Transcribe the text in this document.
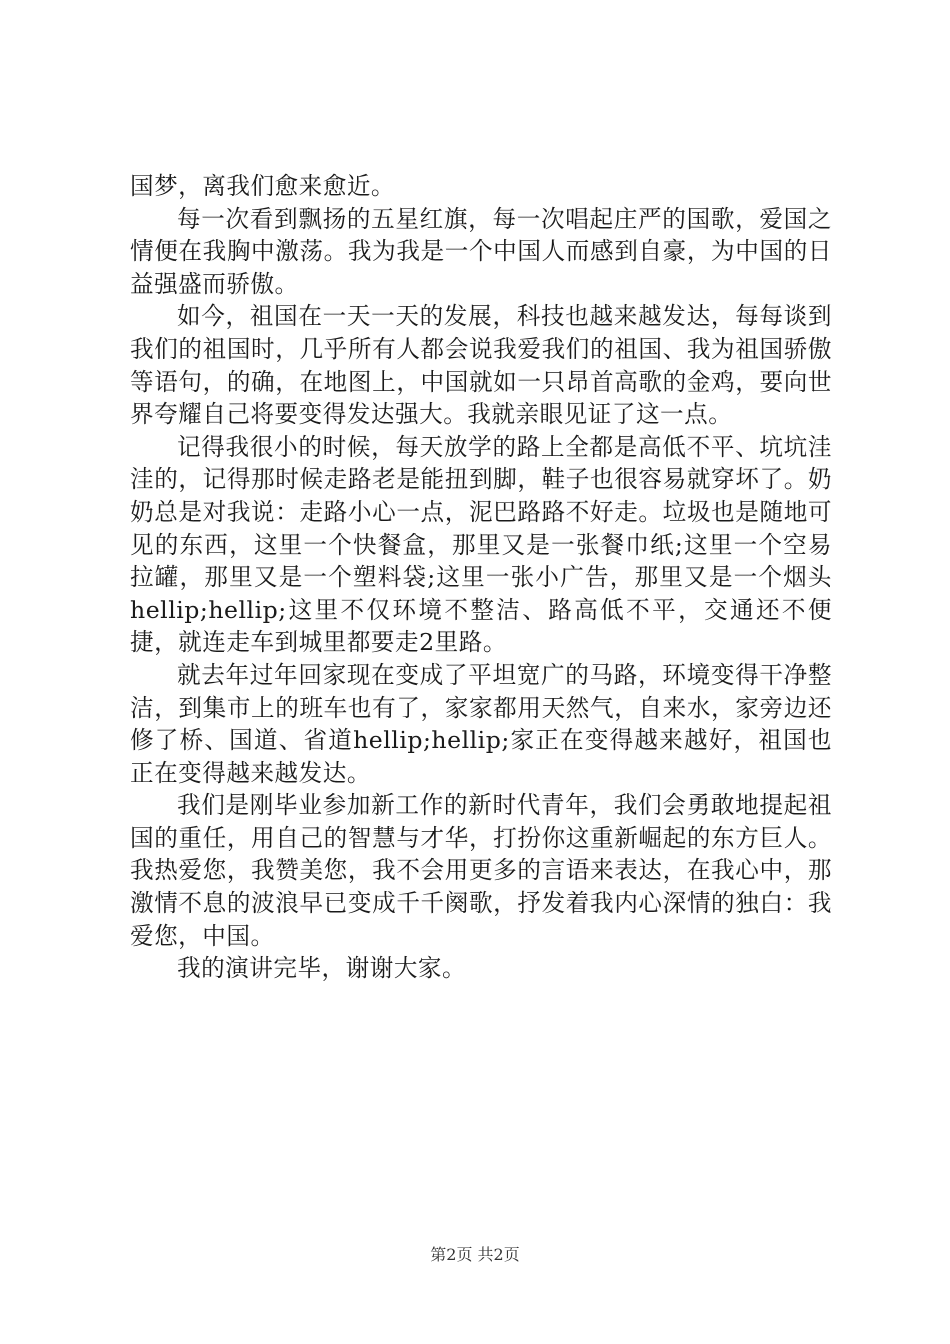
国梦，离我们愈来愈近。

每一次看到飘扬的五星红旗，每一次唱起庄严的国歌，爱国之情便在我胸中激荡。我为我是一个中国人而感到自豪，为中国的日益强盛而骄傲。

如今，祖国在一天一天的发展，科技也越来越发达，每每谈到我们的祖国时，几乎所有人都会说我爱我们的祖国、我为祖国骄傲等语句，的确，在地图上，中国就如一只昂首高歌的金鸡，要向世界夸耀自己将要变得发达强大。我就亲眼见证了这一点。

记得我很小的时候，每天放学的路上全都是高低不平、坑坑洼洼的，记得那时候走路老是能扭到脚，鞋子也很容易就穿坏了。奶奶总是对我说：走路小心一点，泥巴路路不好走。垃圾也是随地可见的东西，这里一个快餐盒，那里又是一张餐巾纸;这里一个空易拉罐，那里又是一个塑料袋;这里一张小广告，那里又是一个烟头hellip;hellip;这里不仅环境不整洁、路高低不平，交通还不便捷，就连走车到城里都要走2里路。

就去年过年回家现在变成了平坦宽广的马路，环境变得干净整洁，到集市上的班车也有了，家家都用天然气，自来水，家旁边还修了桥、国道、省道hellip;hellip;家正在变得越来越好，祖国也正在变得越来越发达。

我们是刚毕业参加新工作的新时代青年，我们会勇敢地提起祖国的重任，用自己的智慧与才华，打扮你这重新崛起的东方巨人。我热爱您，我赞美您，我不会用更多的言语来表达，在我心中，那激情不息的波浪早已变成千千阕歌，抒发着我内心深情的独白：我爱您，中国。

我的演讲完毕，谢谢大家。

第2页 共2页
